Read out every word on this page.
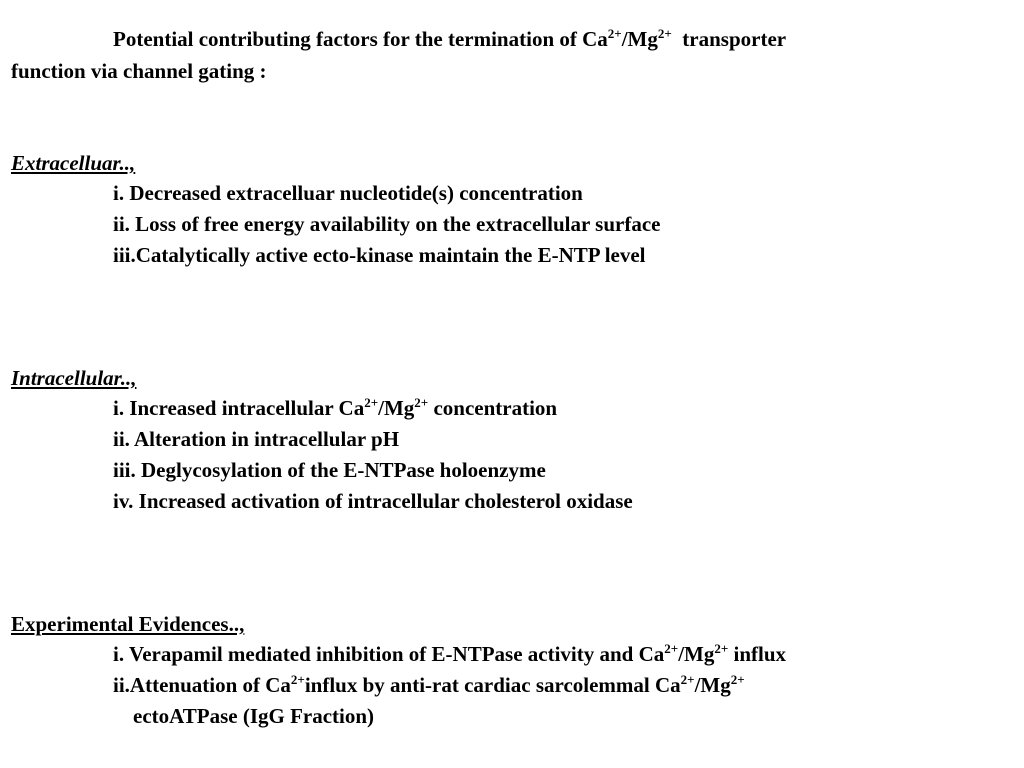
Potential contributing factors for the termination of $Ca^{2+}/Mg^{2+}$  transporter
function via channel gating :
Extracelluar..,
i. Decreased extracelluar nucleotide(s) concentration
ii. Loss of free energy availability on the extracellular surface
iii.Catalytically active ecto-kinase maintain the E-NTP level
Intracellular..,
i. Increased intracellular $Ca^{2+}/Mg^{2+}$ concentration
ii. Alteration in intracellular pH
iii. Deglycosylation of the E-NTPase holoenzyme
iv. Increased activation of intracellular cholesterol oxidase
Experimental Evidences..,
i. Verapamil mediated inhibition of E-NTPase activity and $Ca^{2+}/Mg^{2+}$ influx
ii.Attenuation of $Ca^{2+}influx$ by anti-rat cardiac sarcolemmal $Ca^{2+}/Mg^{2+}$
ectoATPase (IgG Fraction)
